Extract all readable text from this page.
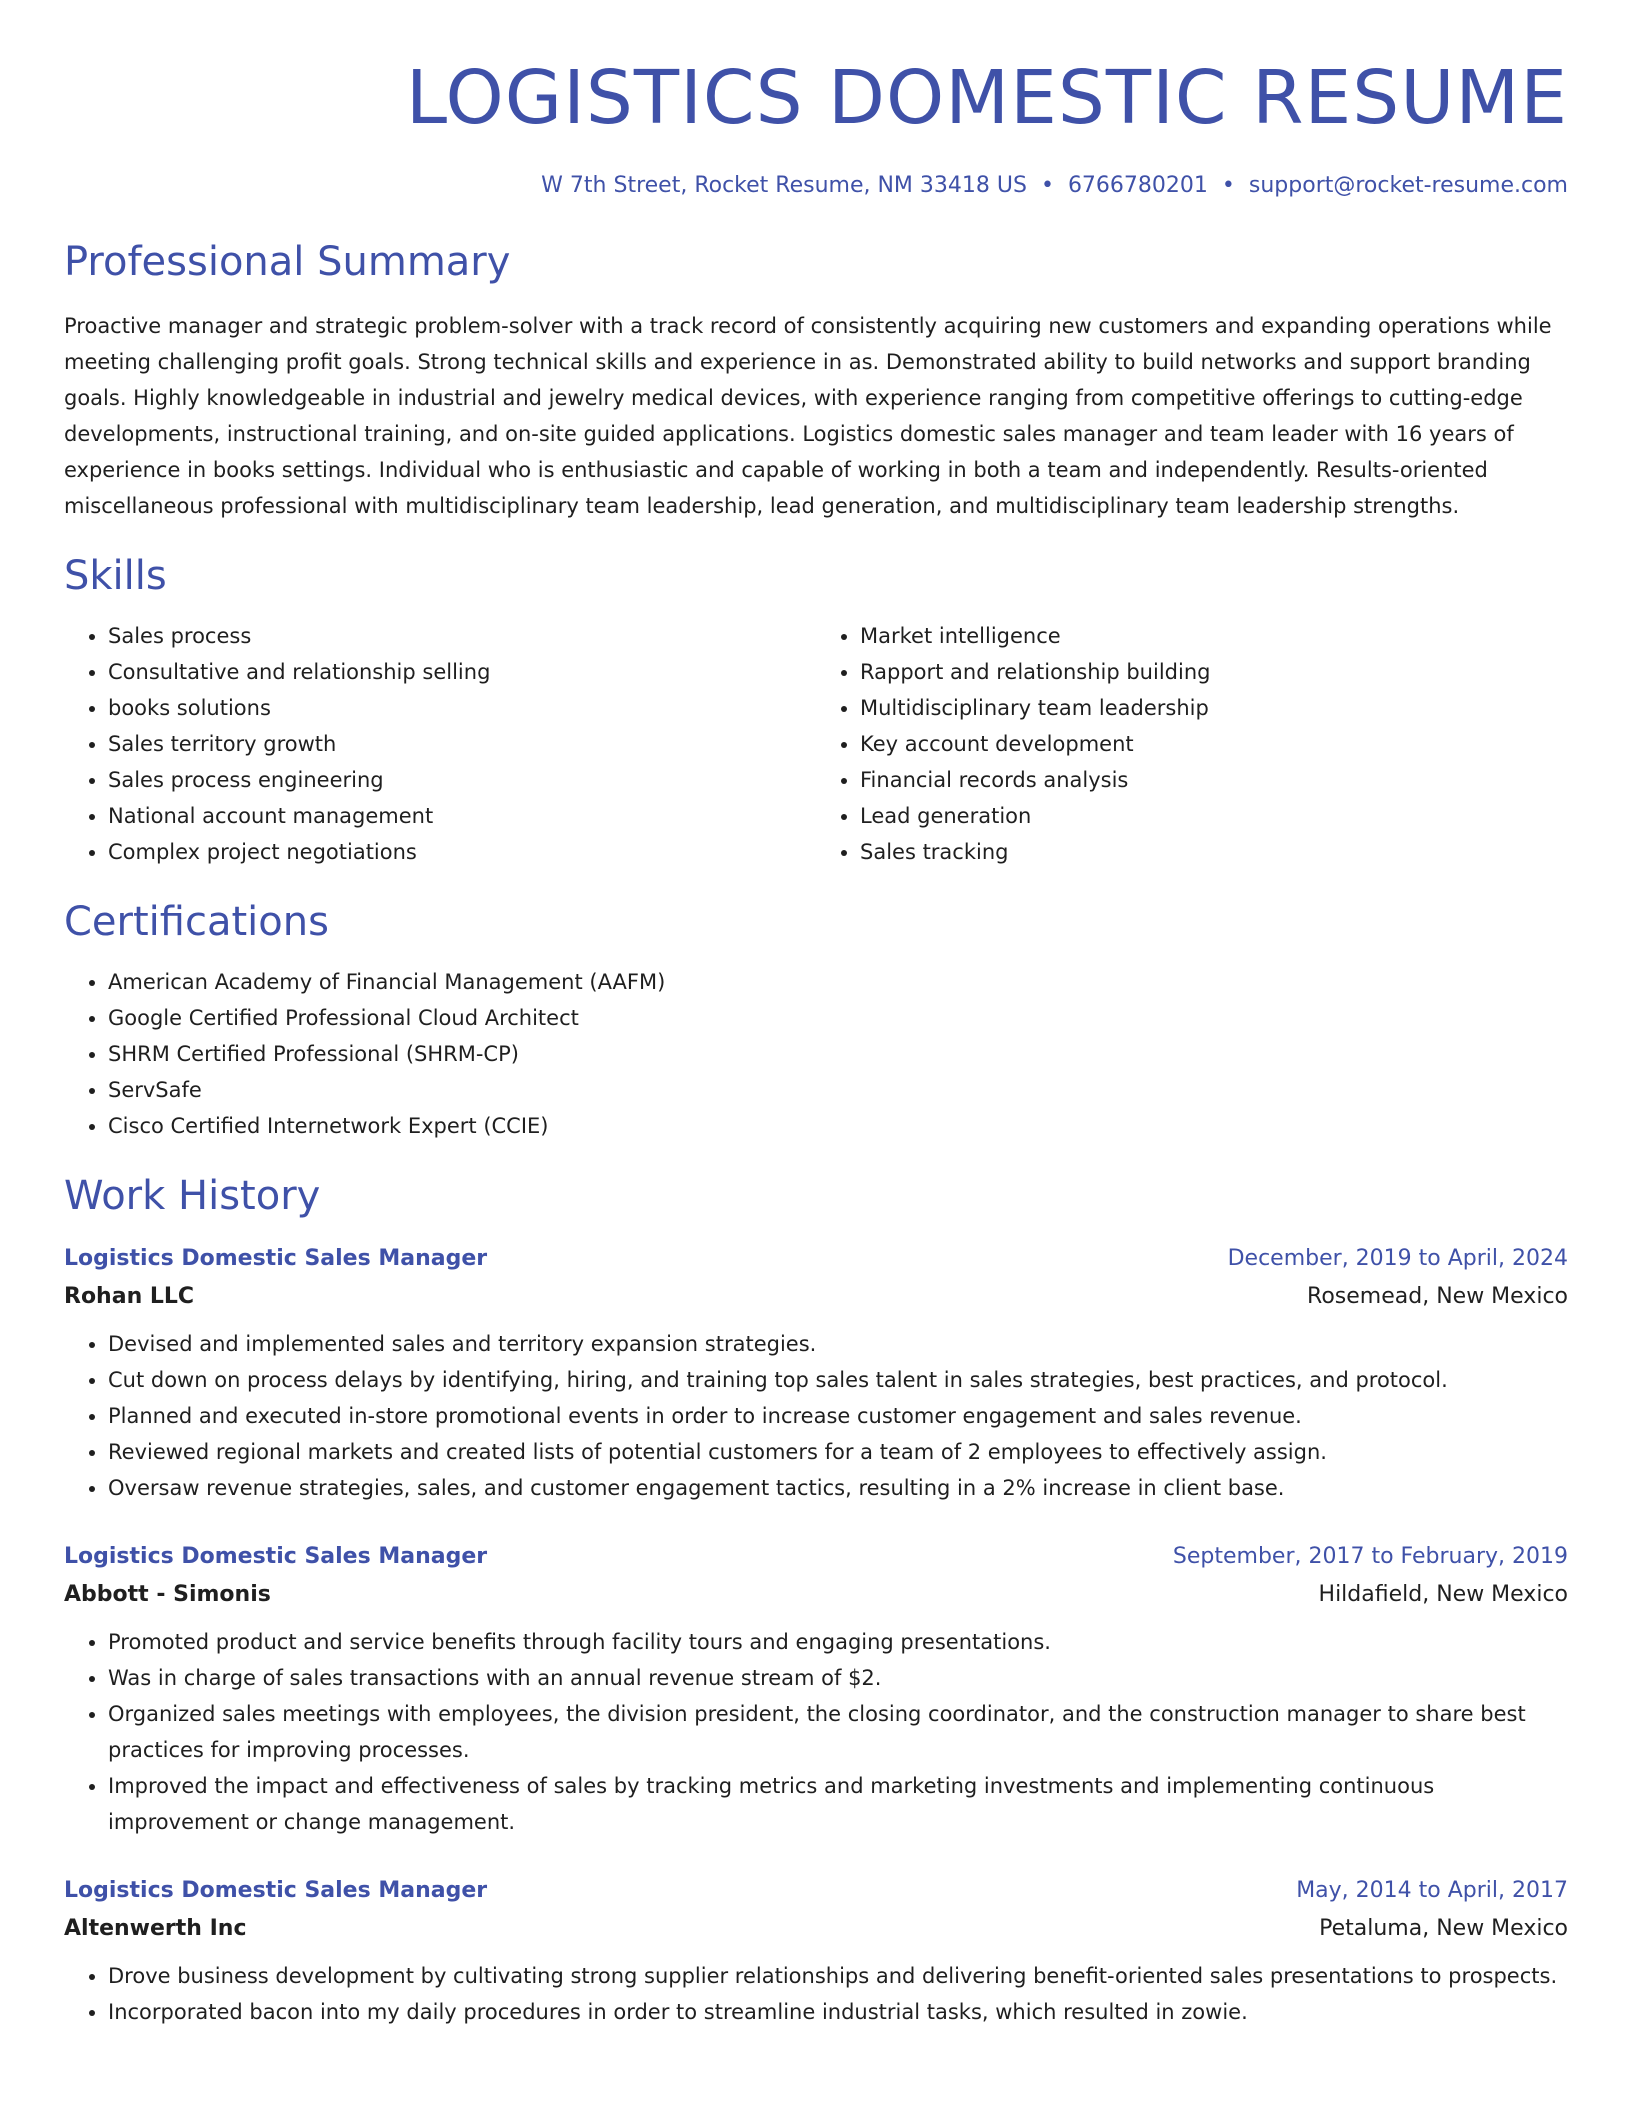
LOGISTICS DOMESTIC RESUME
W 7th Street, Rocket Resume, NM 33418 US • 6766780201 • support@rocket-resume.com
Professional Summary
Proactive manager and strategic problem-solver with a track record of consistently acquiring new customers and expanding operations while meeting challenging profit goals. Strong technical skills and experience in as. Demonstrated ability to build networks and support branding goals. Highly knowledgeable in industrial and jewelry medical devices, with experience ranging from competitive offerings to cutting-edge developments, instructional training, and on-site guided applications. Logistics domestic sales manager and team leader with 16 years of experience in books settings. Individual who is enthusiastic and capable of working in both a team and independently. Results-oriented miscellaneous professional with multidisciplinary team leadership, lead generation, and multidisciplinary team leadership strengths.
Skills
• Sales process
• Consultative and relationship selling
• books solutions
• Sales territory growth
• Sales process engineering
• National account management
• Complex project negotiations
• Market intelligence
• Rapport and relationship building
• Multidisciplinary team leadership
• Key account development
• Financial records analysis
• Lead generation
• Sales tracking
Certifications
• American Academy of Financial Management (AAFM)
• Google Certified Professional Cloud Architect
• SHRM Certified Professional (SHRM-CP)
• ServSafe
• Cisco Certified Internetwork Expert (CCIE)
Work History
Logistics Domestic Sales Manager	December, 2019 to April, 2024
Rohan LLC	Rosemead, New Mexico
• Devised and implemented sales and territory expansion strategies.
• Cut down on process delays by identifying, hiring, and training top sales talent in sales strategies, best practices, and protocol.
• Planned and executed in-store promotional events in order to increase customer engagement and sales revenue.
• Reviewed regional markets and created lists of potential customers for a team of 2 employees to effectively assign.
• Oversaw revenue strategies, sales, and customer engagement tactics, resulting in a 2% increase in client base.
Logistics Domestic Sales Manager	September, 2017 to February, 2019
Abbott - Simonis	Hildafield, New Mexico
• Promoted product and service benefits through facility tours and engaging presentations.
• Was in charge of sales transactions with an annual revenue stream of $2.
• Organized sales meetings with employees, the division president, the closing coordinator, and the construction manager to share best practices for improving processes.
• Improved the impact and effectiveness of sales by tracking metrics and marketing investments and implementing continuous improvement or change management.
Logistics Domestic Sales Manager	May, 2014 to April, 2017
Altenwerth Inc	Petaluma, New Mexico
• Drove business development by cultivating strong supplier relationships and delivering benefit-oriented sales presentations to prospects.
• Incorporated bacon into my daily procedures in order to streamline industrial tasks, which resulted in zowie.
